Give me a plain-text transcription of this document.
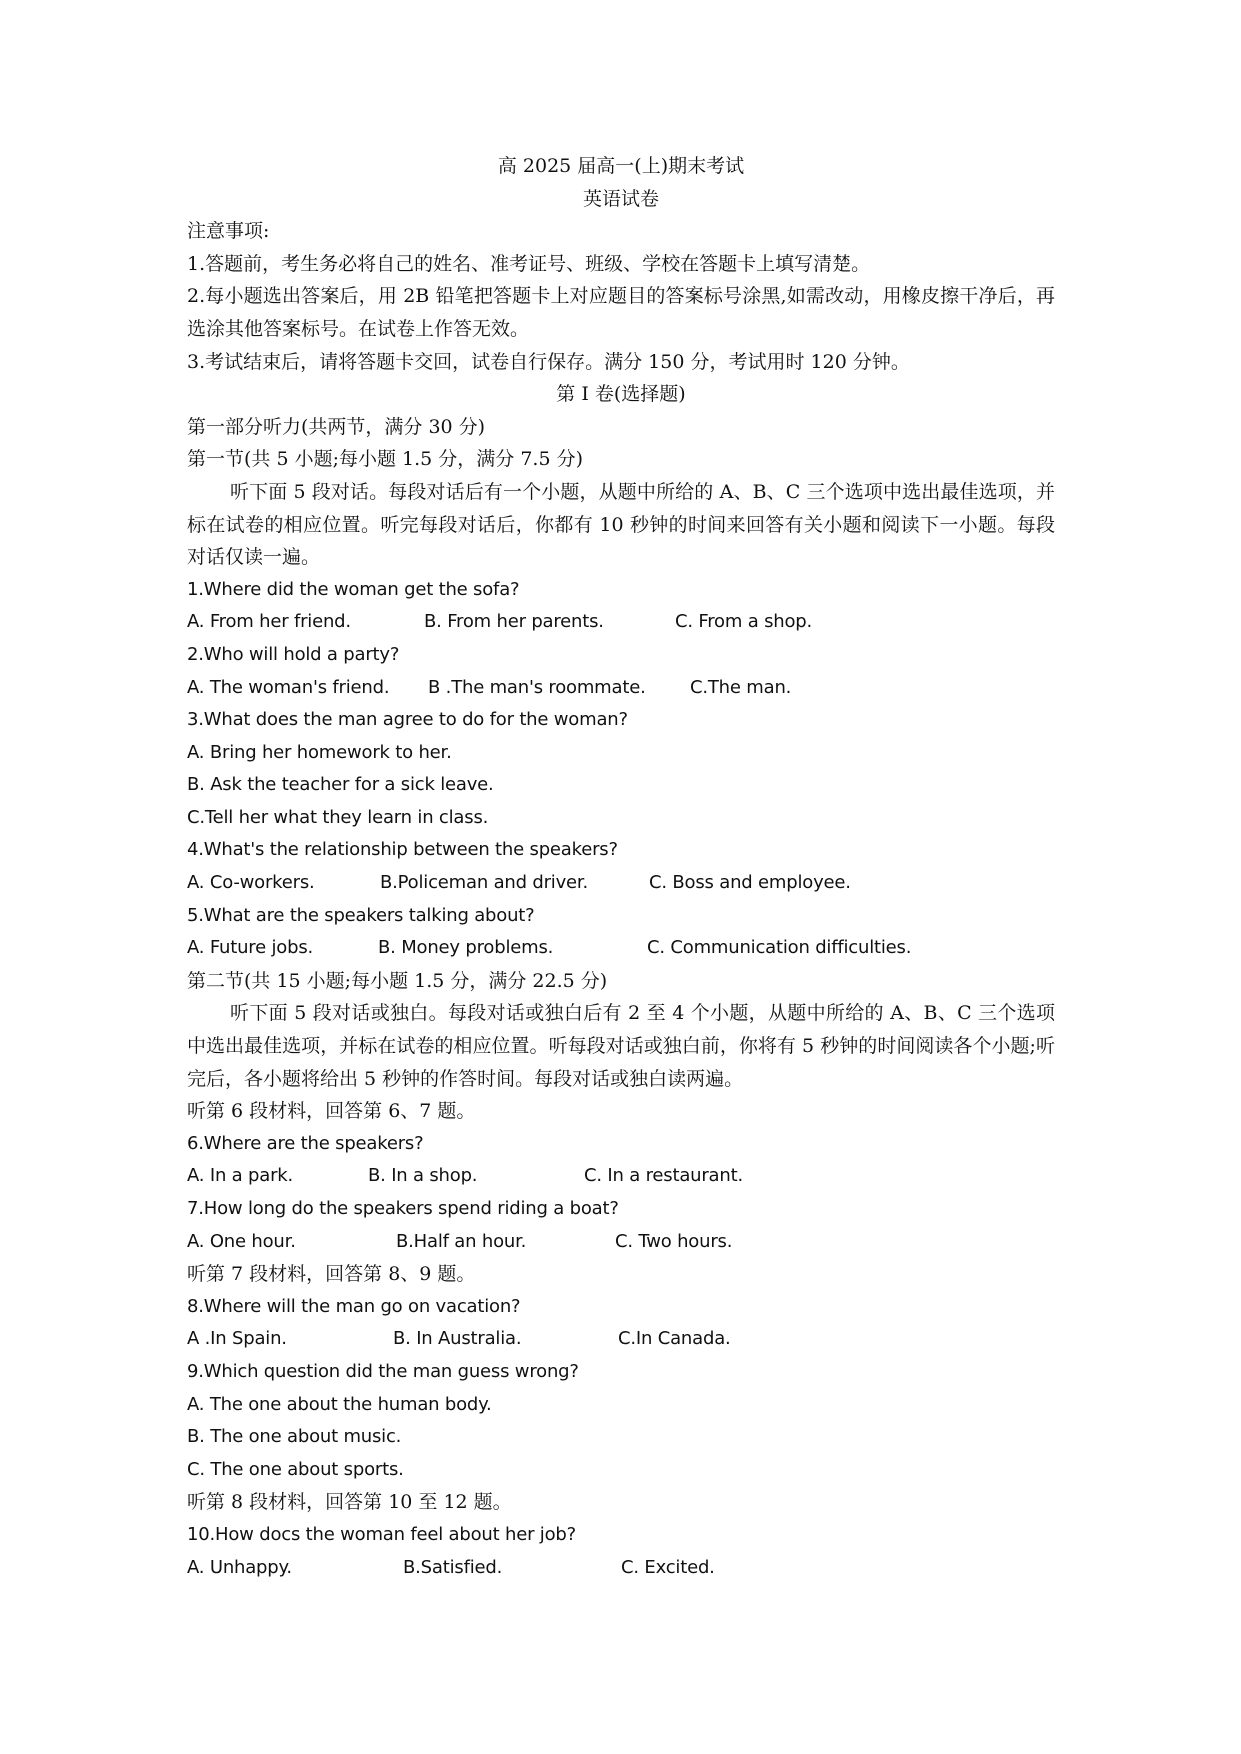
高 2025 届高一(上)期末考试
英语试卷
注意事项:
1.答题前，考生务必将自己的姓名、准考证号、班级、学校在答题卡上填写清楚。
2.每小题选出答案后，用 2B 铅笔把答题卡上对应题目的答案标号涂黑,如需改动，用橡皮擦干净后，再选涂其他答案标号。在试卷上作答无效。
3.考试结束后，请将答题卡交回，试卷自行保存。满分 150 分，考试用时 120 分钟。
第 I 卷(选择题)
第一部分听力(共两节，满分 30 分)
第一节(共 5 小题;每小题 1.5 分，满分 7.5 分)
听下面 5 段对话。每段对话后有一个小题，从题中所给的 A、B、C 三个选项中选出最佳选项，并标在试卷的相应位置。听完每段对话后，你都有 10 秒钟的时间来回答有关小题和阅读下一小题。每段对话仅读一遍。
1.Where did the woman get the sofa?
A. From her friend.	B. From her parents.	C. From a shop.
2.Who will hold a party?
A. The woman's friend.	B .The man's roommate.	C.The man.
3.What does the man agree to do for the woman?
A. Bring her homework to her.
B. Ask the teacher for a sick leave.
C.Tell her what they learn in class.
4.What's the relationship between the speakers?
A. Co-workers.	B.Policeman and driver.	C. Boss and employee.
5.What are the speakers talking about?
A. Future jobs.	B. Money problems.	C. Communication difficulties.
第二节(共 15 小题;每小题 1.5 分，满分 22.5 分)
听下面 5 段对话或独白。每段对话或独白后有 2 至 4 个小题，从题中所给的 A、B、C 三个选项中选出最佳选项，并标在试卷的相应位置。听每段对话或独白前，你将有 5 秒钟的时间阅读各个小题;听完后，各小题将给出 5 秒钟的作答时间。每段对话或独白读两遍。
听第 6 段材料，回答第 6、7 题。
6.Where are the speakers?
A. In a park.	B. In a shop.	C. In a restaurant.
7.How long do the speakers spend riding a boat?
A. One hour.	B.Half an hour.	C. Two hours.
听第 7 段材料，回答第 8、9 题。
8.Where will the man go on vacation?
A .In Spain.	B. In Australia.	C.In Canada.
9.Which question did the man guess wrong?
A. The one about the human body.
B. The one about music.
C. The one about sports.
听第 8 段材料，回答第 10 至 12 题。
10.How docs the woman feel about her job?
A. Unhappy.	B.Satisfied.	C. Excited.
